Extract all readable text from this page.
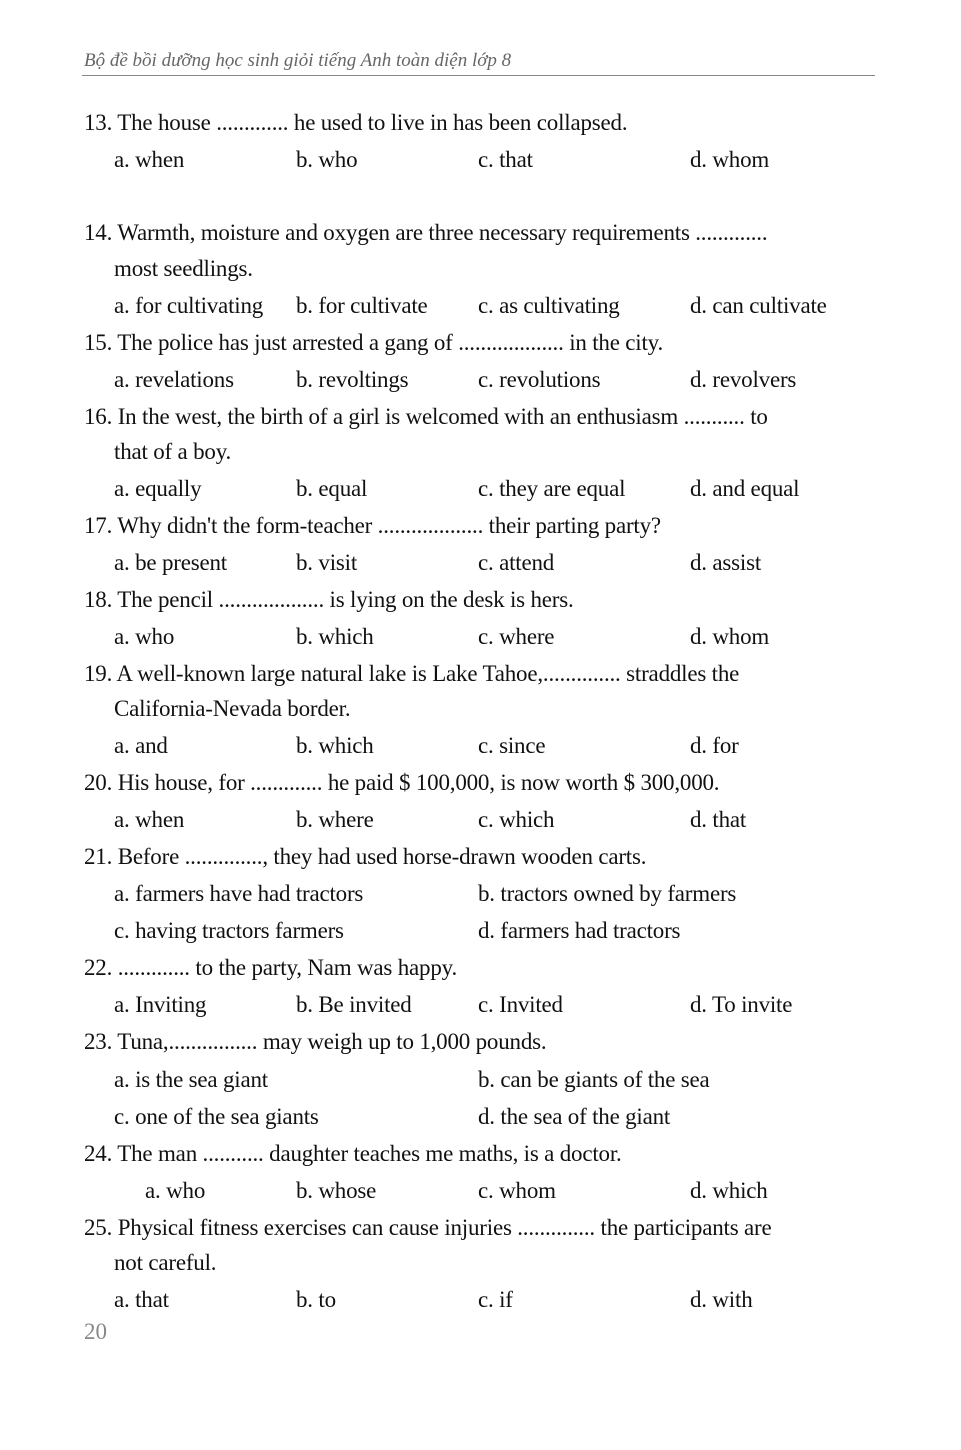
Bộ đề bồi dưỡng học sinh giỏi tiếng Anh toàn diện lớp 8
13. The house ............. he used to live in has been collapsed.
a. when	b. who	c. that	d. whom
14. Warmth, moisture and oxygen are three necessary requirements .............
most seedlings.
a. for cultivating b. for cultivate c. as cultivating	d. can cultivate
15. The police has just arrested a gang of ................... in the city.
a. revelations	b. revoltings	c. revolutions	d. revolvers
16. In the west, the birth of a girl is welcomed with an enthusiasm ........... to
that of a boy.
a. equally	b. equal	c. they are equal	d. and equal
17. Why didn't the form-teacher ................... their parting party?
a. be present	b. visit	c. attend	d. assist
18. The pencil ................... is lying on the desk is hers.
a. who	b. which	c. where	d. whom
19. A well-known large natural lake is Lake Tahoe,.............. straddles the
California-Nevada border.
a. and	b. which	c. since	d. for
20. His house, for ............. he paid $ 100,000, is now worth $ 300,000.
a. when	b. where	c. which	d. that
21. Before .............., they had used horse-drawn wooden carts.
a. farmers have had tractors	b. tractors owned by farmers
c. having tractors farmers	d. farmers had tractors
22. ............. to the party, Nam was happy.
a. Inviting	b. Be invited	c. Invited	d. To invite
23. Tuna,................ may weigh up to 1,000 pounds.
a. is the sea giant	b. can be giants of the sea
c. one of the sea giants	d. the sea of the giant
24. The man ........... daughter teaches me maths, is a doctor.
a. who	b. whose	c. whom	d. which
25. Physical fitness exercises can cause injuries .............. the participants are
not careful.
a. that	b. to	c. if	d. with
20
